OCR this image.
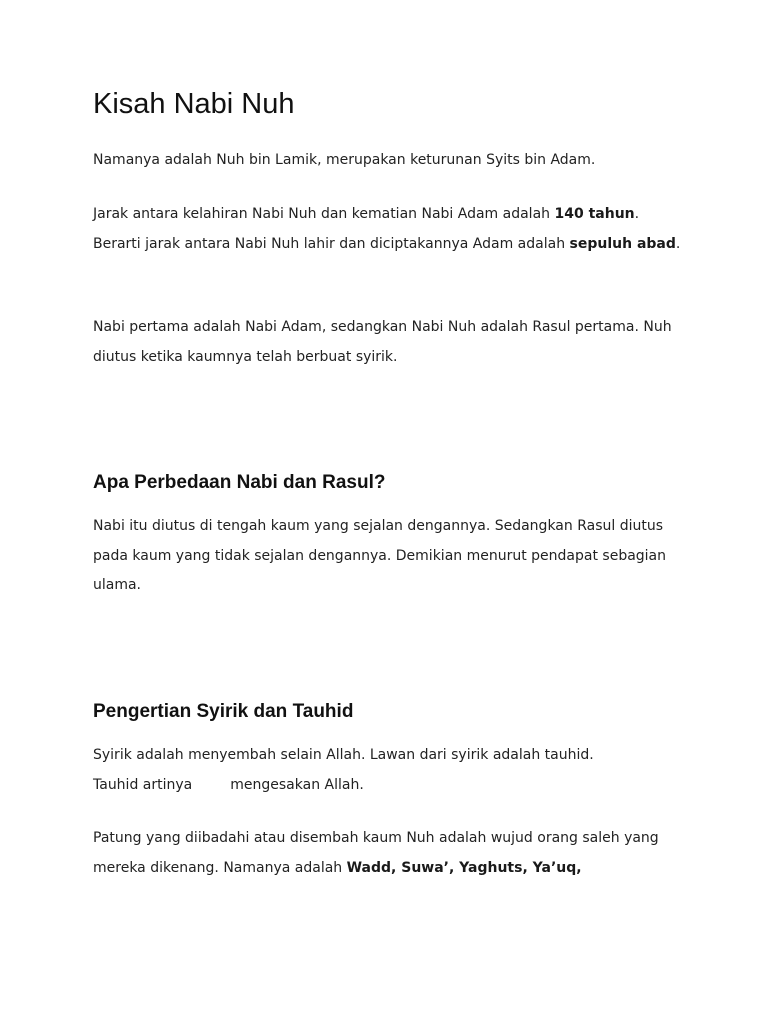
Kisah Nabi Nuh

Namanya adalah Nuh bin Lamik, merupakan keturunan Syits bin Adam.

Jarak antara kelahiran Nabi Nuh dan kematian Nabi Adam adalah 140 tahun. Berarti jarak antara Nabi Nuh lahir dan diciptakannya Adam adalah sepuluh abad.

Nabi pertama adalah Nabi Adam, sedangkan Nabi Nuh adalah Rasul pertama. Nuh diutus ketika kaumnya telah berbuat syirik.

Apa Perbedaan Nabi dan Rasul?

Nabi itu diutus di tengah kaum yang sejalan dengannya. Sedangkan Rasul diutus pada kaum yang tidak sejalan dengannya. Demikian menurut pendapat sebagian ulama.

Pengertian Syirik dan Tauhid

Syirik adalah menyembah selain Allah. Lawan dari syirik adalah tauhid.
Tauhid artinya	mengesakan Allah.

Patung yang diibadahi atau disembah kaum Nuh adalah wujud orang saleh yang mereka dikenang. Namanya adalah Wadd, Suwa’, Yaghuts, Ya’uq,
